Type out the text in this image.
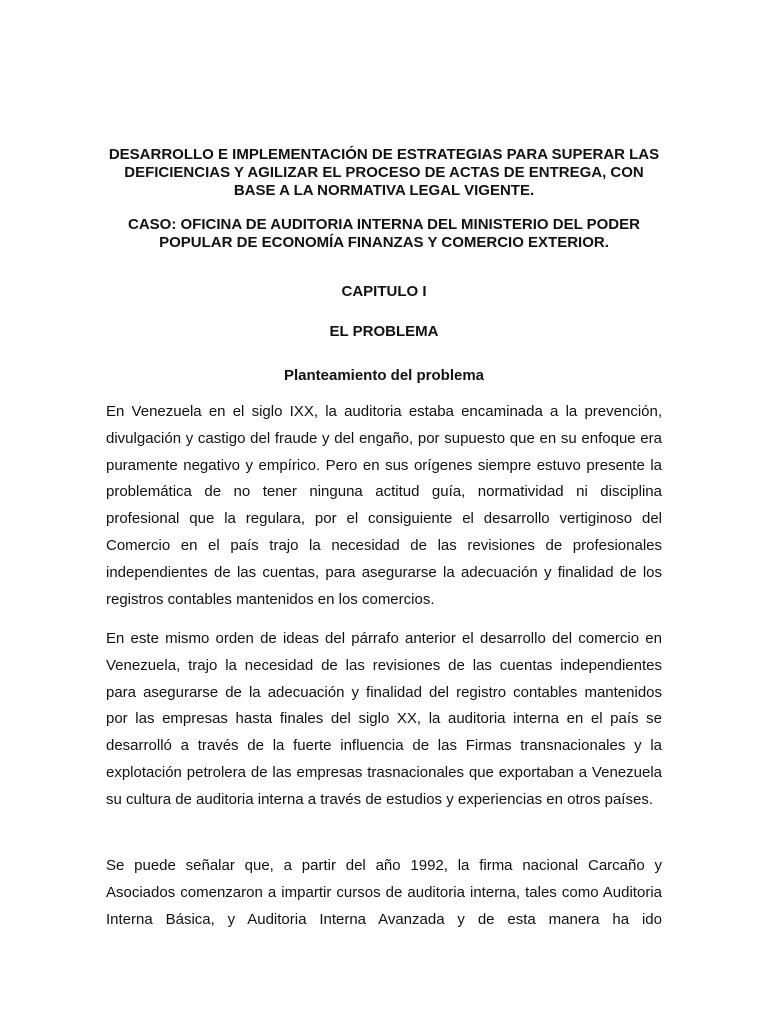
DESARROLLO E IMPLEMENTACIÓN DE ESTRATEGIAS PARA SUPERAR LAS
DEFICIENCIAS Y AGILIZAR EL PROCESO DE ACTAS DE ENTREGA, CON
BASE A LA NORMATIVA LEGAL VIGENTE.
CASO: OFICINA DE AUDITORIA INTERNA DEL MINISTERIO DEL PODER
POPULAR DE ECONOMÍA FINANZAS Y COMERCIO EXTERIOR.
CAPITULO I
EL PROBLEMA
Planteamiento del problema
En Venezuela en el siglo IXX, la auditoria estaba encaminada a la prevención,
divulgación y castigo del fraude y del engaño, por supuesto que en su enfoque era
puramente negativo y empírico. Pero en sus orígenes siempre estuvo presente la
problemática de no tener ninguna actitud guía, normatividad ni disciplina
profesional que la regulara, por el consiguiente el desarrollo vertiginoso del
Comercio en el país trajo la necesidad de las revisiones de profesionales
independientes de las cuentas, para asegurarse la adecuación y finalidad de los
registros contables mantenidos en los comercios.
En este mismo orden de ideas del párrafo anterior el desarrollo del comercio en
Venezuela, trajo la necesidad de las revisiones de las cuentas independientes
para asegurarse de la adecuación y finalidad del registro contables mantenidos
por las empresas hasta finales del siglo XX, la auditoria interna en el país se
desarrolló a través de la fuerte influencia de las Firmas transnacionales y la
explotación petrolera de las empresas trasnacionales que exportaban a Venezuela
su cultura de auditoria interna a través de estudios y experiencias en otros países.
Se puede señalar que, a partir del año 1992, la firma nacional Carcaño y
Asociados comenzaron a impartir cursos de auditoria interna, tales como Auditoria
Interna Básica, y Auditoria Interna Avanzada y de esta manera ha ido
